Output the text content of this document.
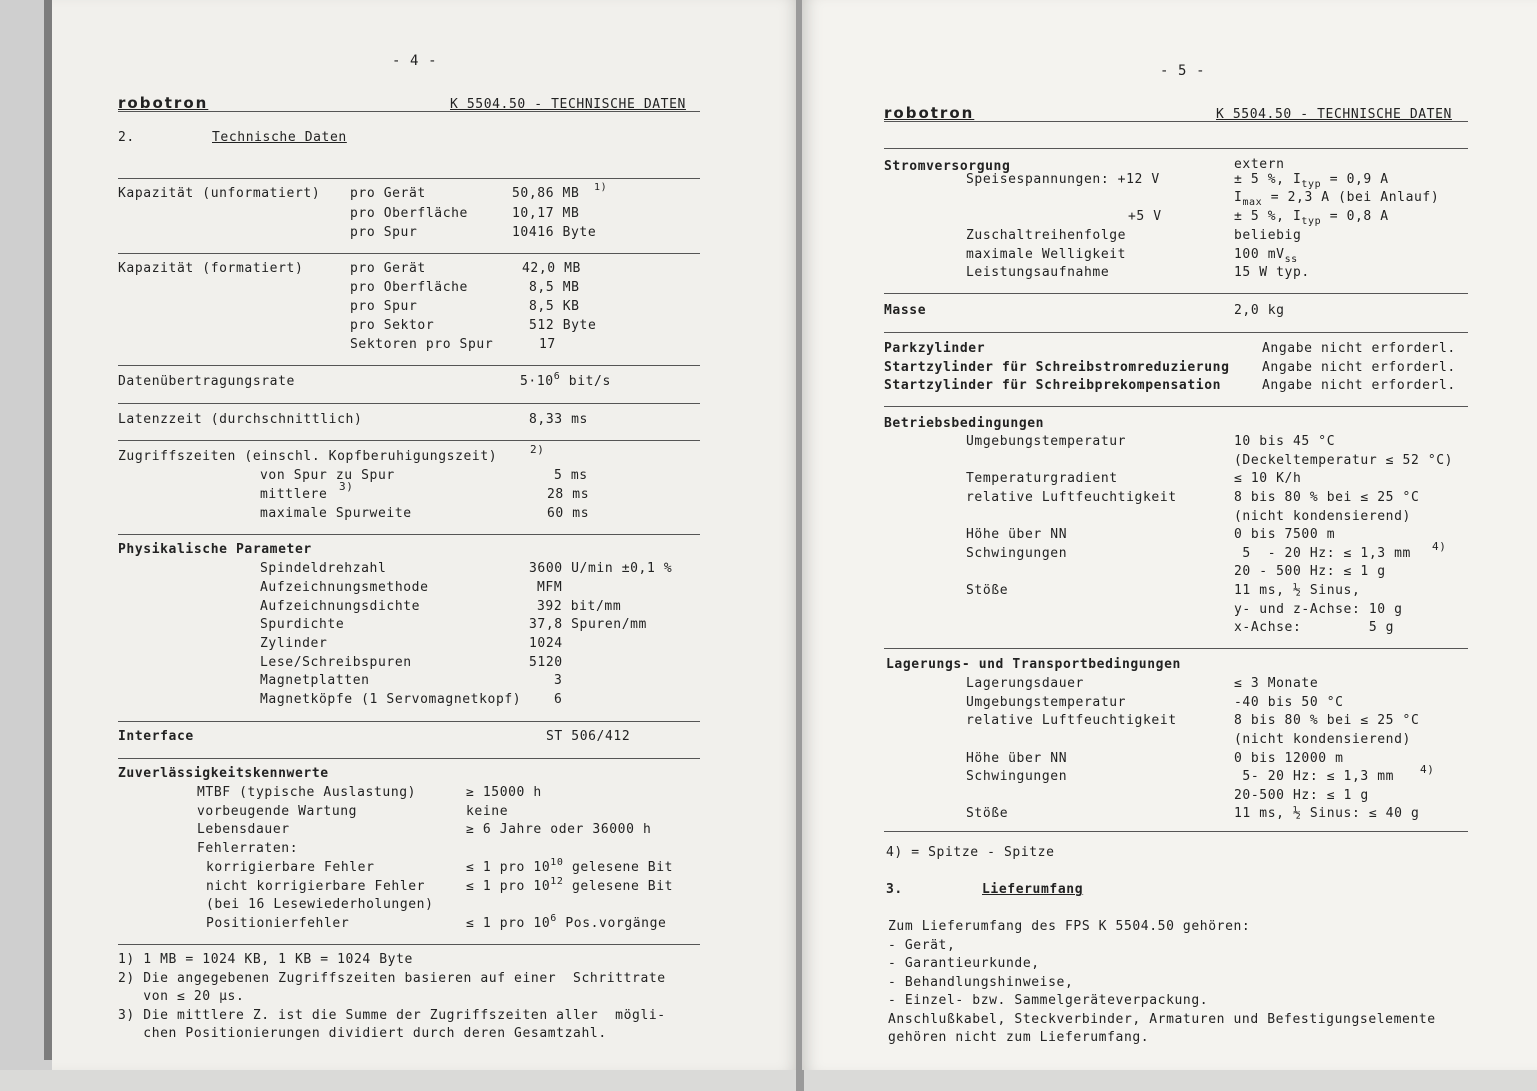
- 4 -
robotron	K 5504.50 - TECHNISCHE DATEN
2.	Technische Daten
Kapazität (unformatiert) pro Gerät	50,86 MB 1)
pro Oberfläche	10,17 MB
pro Spur	10416 Byte
Kapazität (formatiert)	pro Gerät	42,0 MB
pro Oberfläche	8,5 MB
pro Spur	8,5 KB
pro Sektor	512 Byte
Sektoren pro Spur	17
Datenübertragungsrate	$5\cdot 10^6$ bit/s
Latenzzeit (durchschnittlich)	8,33 ms
Zugriffszeiten (einschl. Kopfberuhigungszeit)	2)
von Spur zu Spur	5 ms
3)
mittlere	28 ms
maximale Spurweite	60 ms
Physikalische Parameter
Spindeldrehzahl	3600 U/min ±0,1 %
Aufzeichnungsmethode	MFM
Aufzeichnungsdichte	392 bit/mm
Spurdichte	37,8 Spuren/mm
Zylinder	1024
Lese/Schreibspuren	5120
Magnetplatten	3
Magnetköpfe (1 Servomagnetkopf)	6
Interface	ST 506/412
Zuverlässigkeitskennwerte
MTBF (typische Auslastung)	≥ 15000 h
vorbeugende Wartung	keine
Lebensdauer	≥ 6 Jahre oder 36000 h
Fehlerraten:
korrigierbare Fehler	≤ 1 pro $10^{10}$ gelesene Bit
nicht korrigierbare Fehler	≤ 1 pro $10^{12}$ gelesene Bit
(bei 16 Lesewiederholungen)
Positionierfehler	≤ 1 pro $10^6$ Pos.vorgänge
1) 1 MB = 1024 KB, 1 KB = 1024 Byte
2) Die angegebenen Zugriffszeiten basieren auf einer  Schrittrate
von ≤ 20 µs.
3) Die mittlere Z. ist die Summe der Zugriffszeiten aller  mögli-
chen Positionierungen dividiert durch deren Gesamtzahl.
- 5 -
robotron	K 5504.50 - TECHNISCHE DATEN
Stromversorgung	extern
Speisespannungen: +12 V	± 5 %, $I_{typ} = 0,9$ A
$I_{max} = 2,3$ A (bei Anlauf)
+5 V	± 5 %, $I_{typ} = 0,8$ A
Zuschaltreihenfolge	beliebig
maximale Welligkeit	100 $mV_{ss}$
Leistungsaufnahme	15 W typ.
Masse	2,0 kg
Parkzylinder	Angabe nicht erforderl.
Startzylinder für Schreibstromreduzierung	Angabe nicht erforderl.
Startzylinder für Schreibprekompensation	Angabe nicht erforderl.
Betriebsbedingungen
Umgebungstemperatur	10 bis 45 °C
(Deckeltemperatur ≤ 52 °C)
Temperaturgradient	≤ 10 K/h
relative Luftfeuchtigkeit	8 bis 80 % bei ≤ 25 °C
(nicht kondensierend)
Höhe über NN	0 bis 7500 m
Schwingungen	5  - 20 Hz: ≤ 1,3 mm 4)
20 - 500 Hz: ≤ 1 g
Stöße	11 ms, ½ Sinus,
y- und z-Achse: 10 g
x-Achse:        5 g
Lagerungs- und Transportbedingungen
Lagerungsdauer	≤ 3 Monate
Umgebungstemperatur	-40 bis 50 °C
relative Luftfeuchtigkeit	8 bis 80 % bei ≤ 25 °C
(nicht kondensierend)
Höhe über NN	0 bis 12000 m
Schwingungen	5- 20 Hz: ≤ 1,3 mm 4)
20-500 Hz: ≤ 1 g
Stöße	11 ms, ½ Sinus: ≤ 40 g
4) = Spitze - Spitze
3.	Lieferumfang
Zum Lieferumfang des FPS K 5504.50 gehören:
- Gerät,
- Garantieurkunde,
- Behandlungshinweise,
- Einzel- bzw. Sammelgeräteverpackung.
Anschlußkabel, Steckverbinder, Armaturen und Befestigungselemente
gehören nicht zum Lieferumfang.
